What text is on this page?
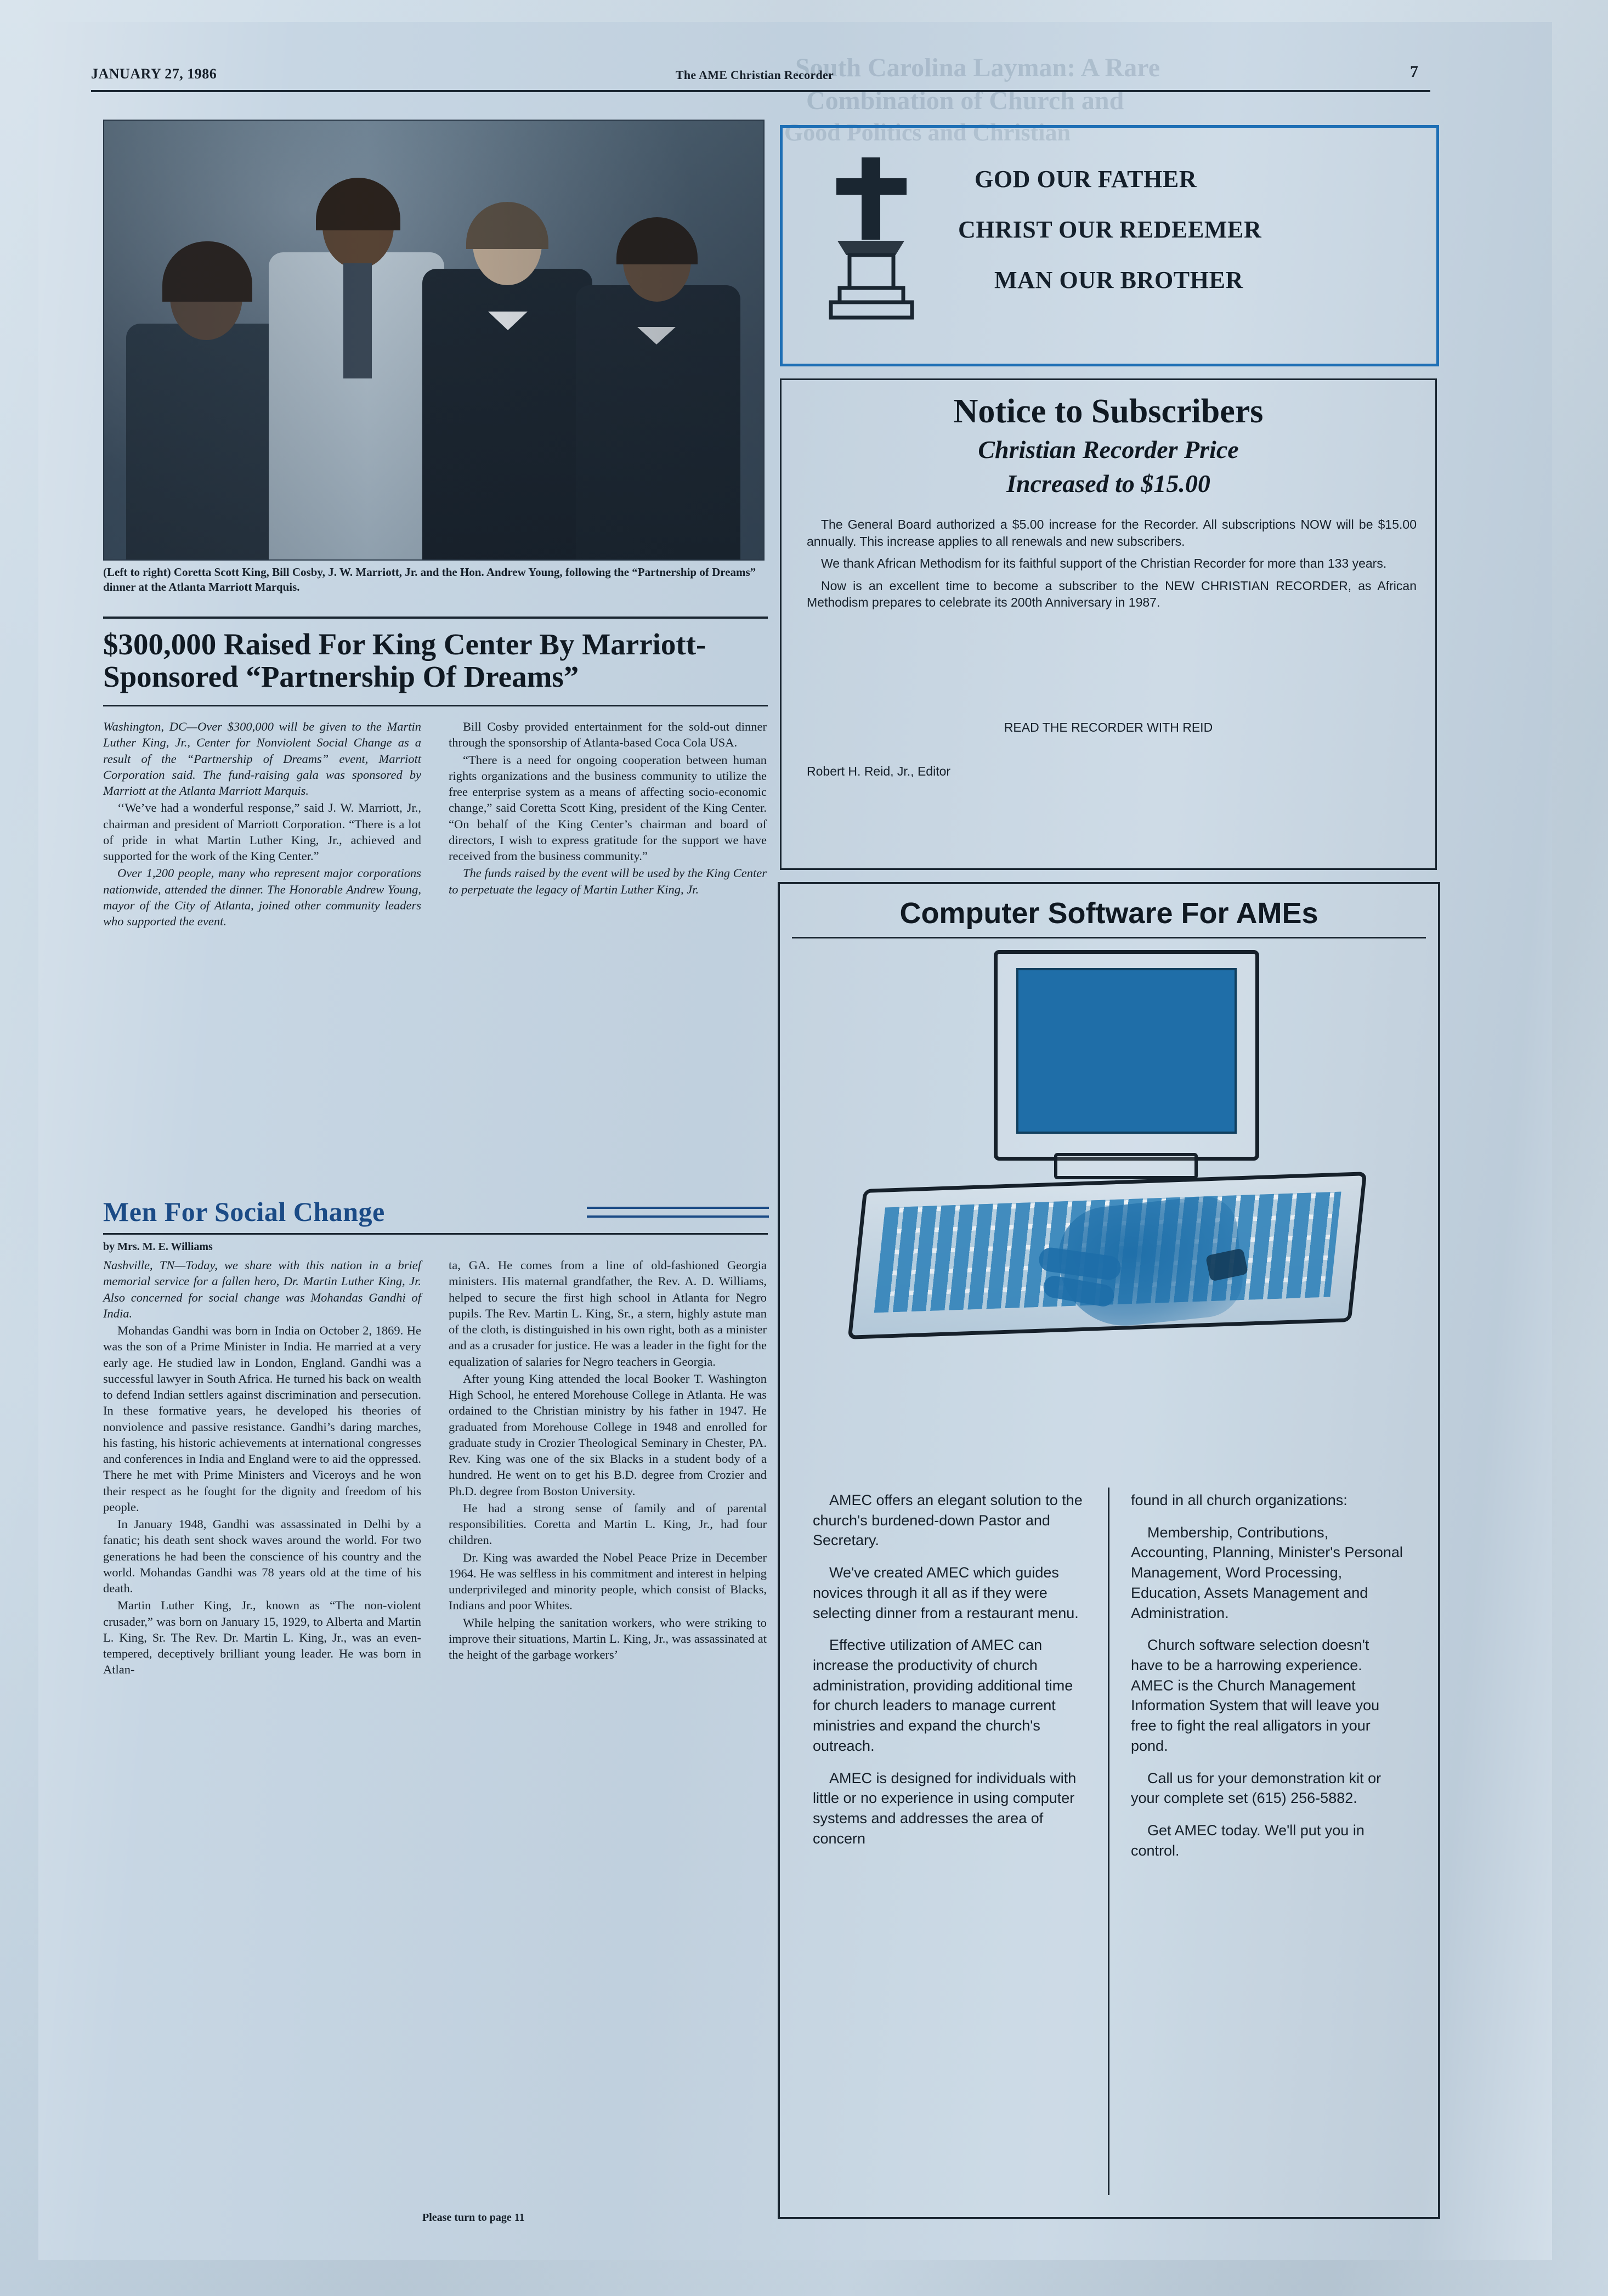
South Carolina Layman: A Rare
Combination of Church and
Good Politics and Christian
JANUARY 27, 1986	The AME Christian Recorder	7
(Left to right) Coretta Scott King, Bill Cosby, J. W. Marriott, Jr. and the Hon. Andrew Young, following the “Partnership of Dreams” dinner at the Atlanta Marriott Marquis.
$300,000 Raised For King Center By Marriott-Sponsored “Partnership Of Dreams”

Washington, DC—Over $300,000 will be given to the Martin Luther King, Jr., Center for Nonviolent Social Change as a result of the “Partnership of Dreams” event, Marriott Corporation said. The fund-raising gala was sponsored by Marriott at the Atlanta Marriott Marquis.

‘‘We’ve had a wonderful response,” said J. W. Marriott, Jr., chairman and president of Marriott Corporation. “There is a lot of pride in what Martin Luther King, Jr., achieved and supported for the work of the King Center.”

Over 1,200 people, many who represent major corporations nationwide, attended the dinner. The Honorable Andrew Young, mayor of the City of Atlanta, joined other community leaders who supported the event.

Bill Cosby provided entertainment for the sold-out dinner through the sponsorship of Atlanta-based Coca Cola USA.

“There is a need for ongoing cooperation between human rights organizations and the business community to utilize the free enterprise system as a means of affecting socio-economic change,” said Coretta Scott King, president of the King Center. “On behalf of the King Center’s chairman and board of directors, I wish to express gratitude for the support we have received from the business community.”

The funds raised by the event will be used by the King Center to perpetuate the legacy of Martin Luther King, Jr.

Men For Social Change
by Mrs. M. E. Williams

Nashville, TN—Today, we share with this nation in a brief memorial service for a fallen hero, Dr. Martin Luther King, Jr. Also concerned for social change was Mohandas Gandhi of India.

Mohandas Gandhi was born in India on October 2, 1869. He was the son of a Prime Minister in India. He married at a very early age. He studied law in London, England. Gandhi was a successful lawyer in South Africa. He turned his back on wealth to defend Indian settlers against discrimination and persecution. In these formative years, he developed his theories of nonviolence and passive resistance. Gandhi’s daring marches, his fasting, his historic achievements at international congresses and conferences in India and England were to aid the oppressed. There he met with Prime Ministers and Viceroys and he won their respect as he fought for the dignity and freedom of his people.

In January 1948, Gandhi was assassinated in Delhi by a fanatic; his death sent shock waves around the world. For two generations he had been the conscience of his country and the world. Mohandas Gandhi was 78 years old at the time of his death.

Martin Luther King, Jr., known as “The non-violent crusader,” was born on January 15, 1929, to Alberta and Martin L. King, Sr. The Rev. Dr. Martin L. King, Jr., was an even-tempered, deceptively brilliant young leader. He was born in Atlan-

ta, GA. He comes from a line of old-fashioned Georgia ministers. His maternal grandfather, the Rev. A. D. Williams, helped to secure the first high school in Atlanta for Negro pupils. The Rev. Martin L. King, Sr., a stern, highly astute man of the cloth, is distinguished in his own right, both as a minister and as a crusader for justice. He was a leader in the fight for the equalization of salaries for Negro teachers in Georgia.

After young King attended the local Booker T. Washington High School, he entered Morehouse College in Atlanta. He was ordained to the Christian ministry by his father in 1947. He graduated from Morehouse College in 1948 and enrolled for graduate study in Crozier Theological Seminary in Chester, PA. Rev. King was one of the six Blacks in a student body of a hundred. He went on to get his B.D. degree from Crozier and Ph.D. degree from Boston University.

He had a strong sense of family and of parental responsibilities. Coretta and Martin L. King, Jr., had four children.

Dr. King was awarded the Nobel Peace Prize in December 1964. He was selfless in his commitment and interest in helping underprivileged and minority people, which consist of Blacks, Indians and poor Whites.

While helping the sanitation workers, who were striking to improve their situations, Martin L. King, Jr., was assassinated at the height of the garbage workers’

Please turn to page 11
GOD OUR FATHER
CHRIST OUR REDEEMER
MAN OUR BROTHER
Notice to Subscribers
Christian Recorder Price
Increased to $15.00

The General Board authorized a $5.00 increase for the Recorder. All subscriptions NOW will be $15.00 annually. This increase applies to all renewals and new subscribers.

We thank African Methodism for its faithful support of the Christian Recorder for more than 133 years.

Now is an excellent time to become a subscriber to the NEW CHRISTIAN RECORDER, as African Methodism prepares to celebrate its 200th Anniversary in 1987.

READ THE RECORDER WITH REID
Robert H. Reid, Jr., Editor
Computer Software For AMEs

AMEC offers an elegant solution to the church's burdened-down Pastor and Secretary.

We've created AMEC which guides novices through it all as if they were selecting dinner from a restaurant menu.

Effective utilization of AMEC can increase the productivity of church administration, providing additional time for church leaders to manage current ministries and expand the church's outreach.

AMEC is designed for individuals with little or no experience in using computer systems and addresses the area of concern

found in all church organizations:

Membership, Contributions, Accounting, Planning, Minister's Personal Management, Word Processing, Education, Assets Management and Administration.

Church software selection doesn't have to be a harrowing experience. AMEC is the Church Management Information System that will leave you free to fight the real alligators in your pond.

Call us for your demonstration kit or your complete set (615) 256-5882.

Get AMEC today. We'll put you in control.
